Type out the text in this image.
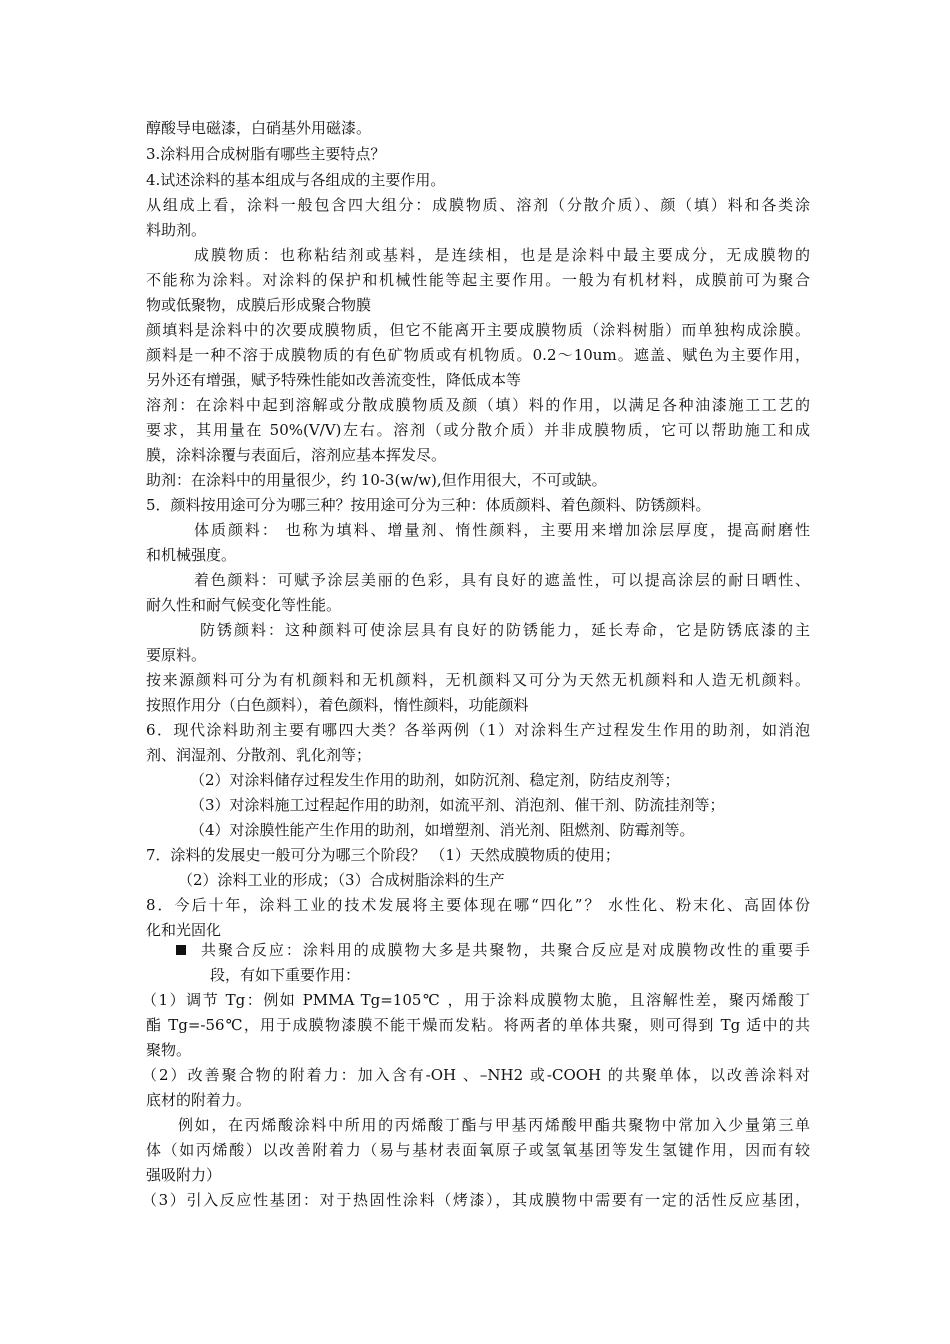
醇酸导电磁漆，白硝基外用磁漆。
3.涂料用合成树脂有哪些主要特点？
4.试述涂料的基本组成与各组成的主要作用。
从组成上看，涂料一般包含四大组分：成膜物质、溶剂（分散介质）、颜（填）料和各类涂
料助剂。
成膜物质：也称粘结剂或基料，是连续相，也是是涂料中最主要成分，无成膜物的
不能称为涂料。对涂料的保护和机械性能等起主要作用。一般为有机材料，成膜前可为聚合
物或低聚物，成膜后形成聚合物膜
颜填料是涂料中的次要成膜物质，但它不能离开主要成膜物质（涂料树脂）而单独构成涂膜。
颜料是一种不溶于成膜物质的有色矿物质或有机物质。0.2～10um。遮盖、赋色为主要作用，
另外还有增强，赋予特殊性能如改善流变性，降低成本等
溶剂：在涂料中起到溶解或分散成膜物质及颜（填）料的作用，以满足各种油漆施工工艺的
要求，其用量在 50%(V/V)左右。溶剂（或分散介质）并非成膜物质，它可以帮助施工和成
膜，涂料涂覆与表面后，溶剂应基本挥发尽。
助剂：在涂料中的用量很少，约 10-3(w/w),但作用很大，不可或缺。
5．颜料按用途可分为哪三种？按用途可分为三种：体质颜料、着色颜料、防锈颜料。
体质颜料： 也称为填料、增量剂、惰性颜料，主要用来增加涂层厚度，提高耐磨性
和机械强度。
着色颜料：可赋予涂层美丽的色彩，具有良好的遮盖性，可以提高涂层的耐日晒性、
耐久性和耐气候变化等性能。
防锈颜料：这种颜料可使涂层具有良好的防锈能力，延长寿命，它是防锈底漆的主
要原料。
按来源颜料可分为有机颜料和无机颜料，无机颜料又可分为天然无机颜料和人造无机颜料。
按照作用分（白色颜料），着色颜料，惰性颜料，功能颜料
6．现代涂料助剂主要有哪四大类？各举两例（1）对涂料生产过程发生作用的助剂，如消泡
剂、润湿剂、分散剂、乳化剂等；
（2）对涂料储存过程发生作用的助剂，如防沉剂、稳定剂，防结皮剂等；
（3）对涂料施工过程起作用的助剂，如流平剂、消泡剂、催干剂、防流挂剂等；
（4）对涂膜性能产生作用的助剂，如增塑剂、消光剂、阻燃剂、防霉剂等。
7．涂料的发展史一般可分为哪三个阶段？ （1）天然成膜物质的使用；
（2）涂料工业的形成；（3）合成树脂涂料的生产
8．今后十年，涂料工业的技术发展将主要体现在哪“四化”？ 水性化、粉末化、高固体份
化和光固化
共聚合反应：涂料用的成膜物大多是共聚物，共聚合反应是对成膜物改性的重要手
段，有如下重要作用：
（1）调节 Tg：例如 PMMA Tg=105℃ ，用于涂料成膜物太脆，且溶解性差，聚丙烯酸丁
酯 Tg=-56℃，用于成膜物漆膜不能干燥而发粘。将两者的单体共聚，则可得到 Tg 适中的共
聚物。
（2）改善聚合物的附着力：加入含有-OH 、–NH2 或-COOH 的共聚单体，以改善涂料对
底材的附着力。
例如，在丙烯酸涂料中所用的丙烯酸丁酯与甲基丙烯酸甲酯共聚物中常加入少量第三单
体（如丙烯酸）以改善附着力（易与基材表面氧原子或氢氧基团等发生氢键作用，因而有较
强吸附力）
（3）引入反应性基团：对于热固性涂料（烤漆），其成膜物中需要有一定的活性反应基团，
